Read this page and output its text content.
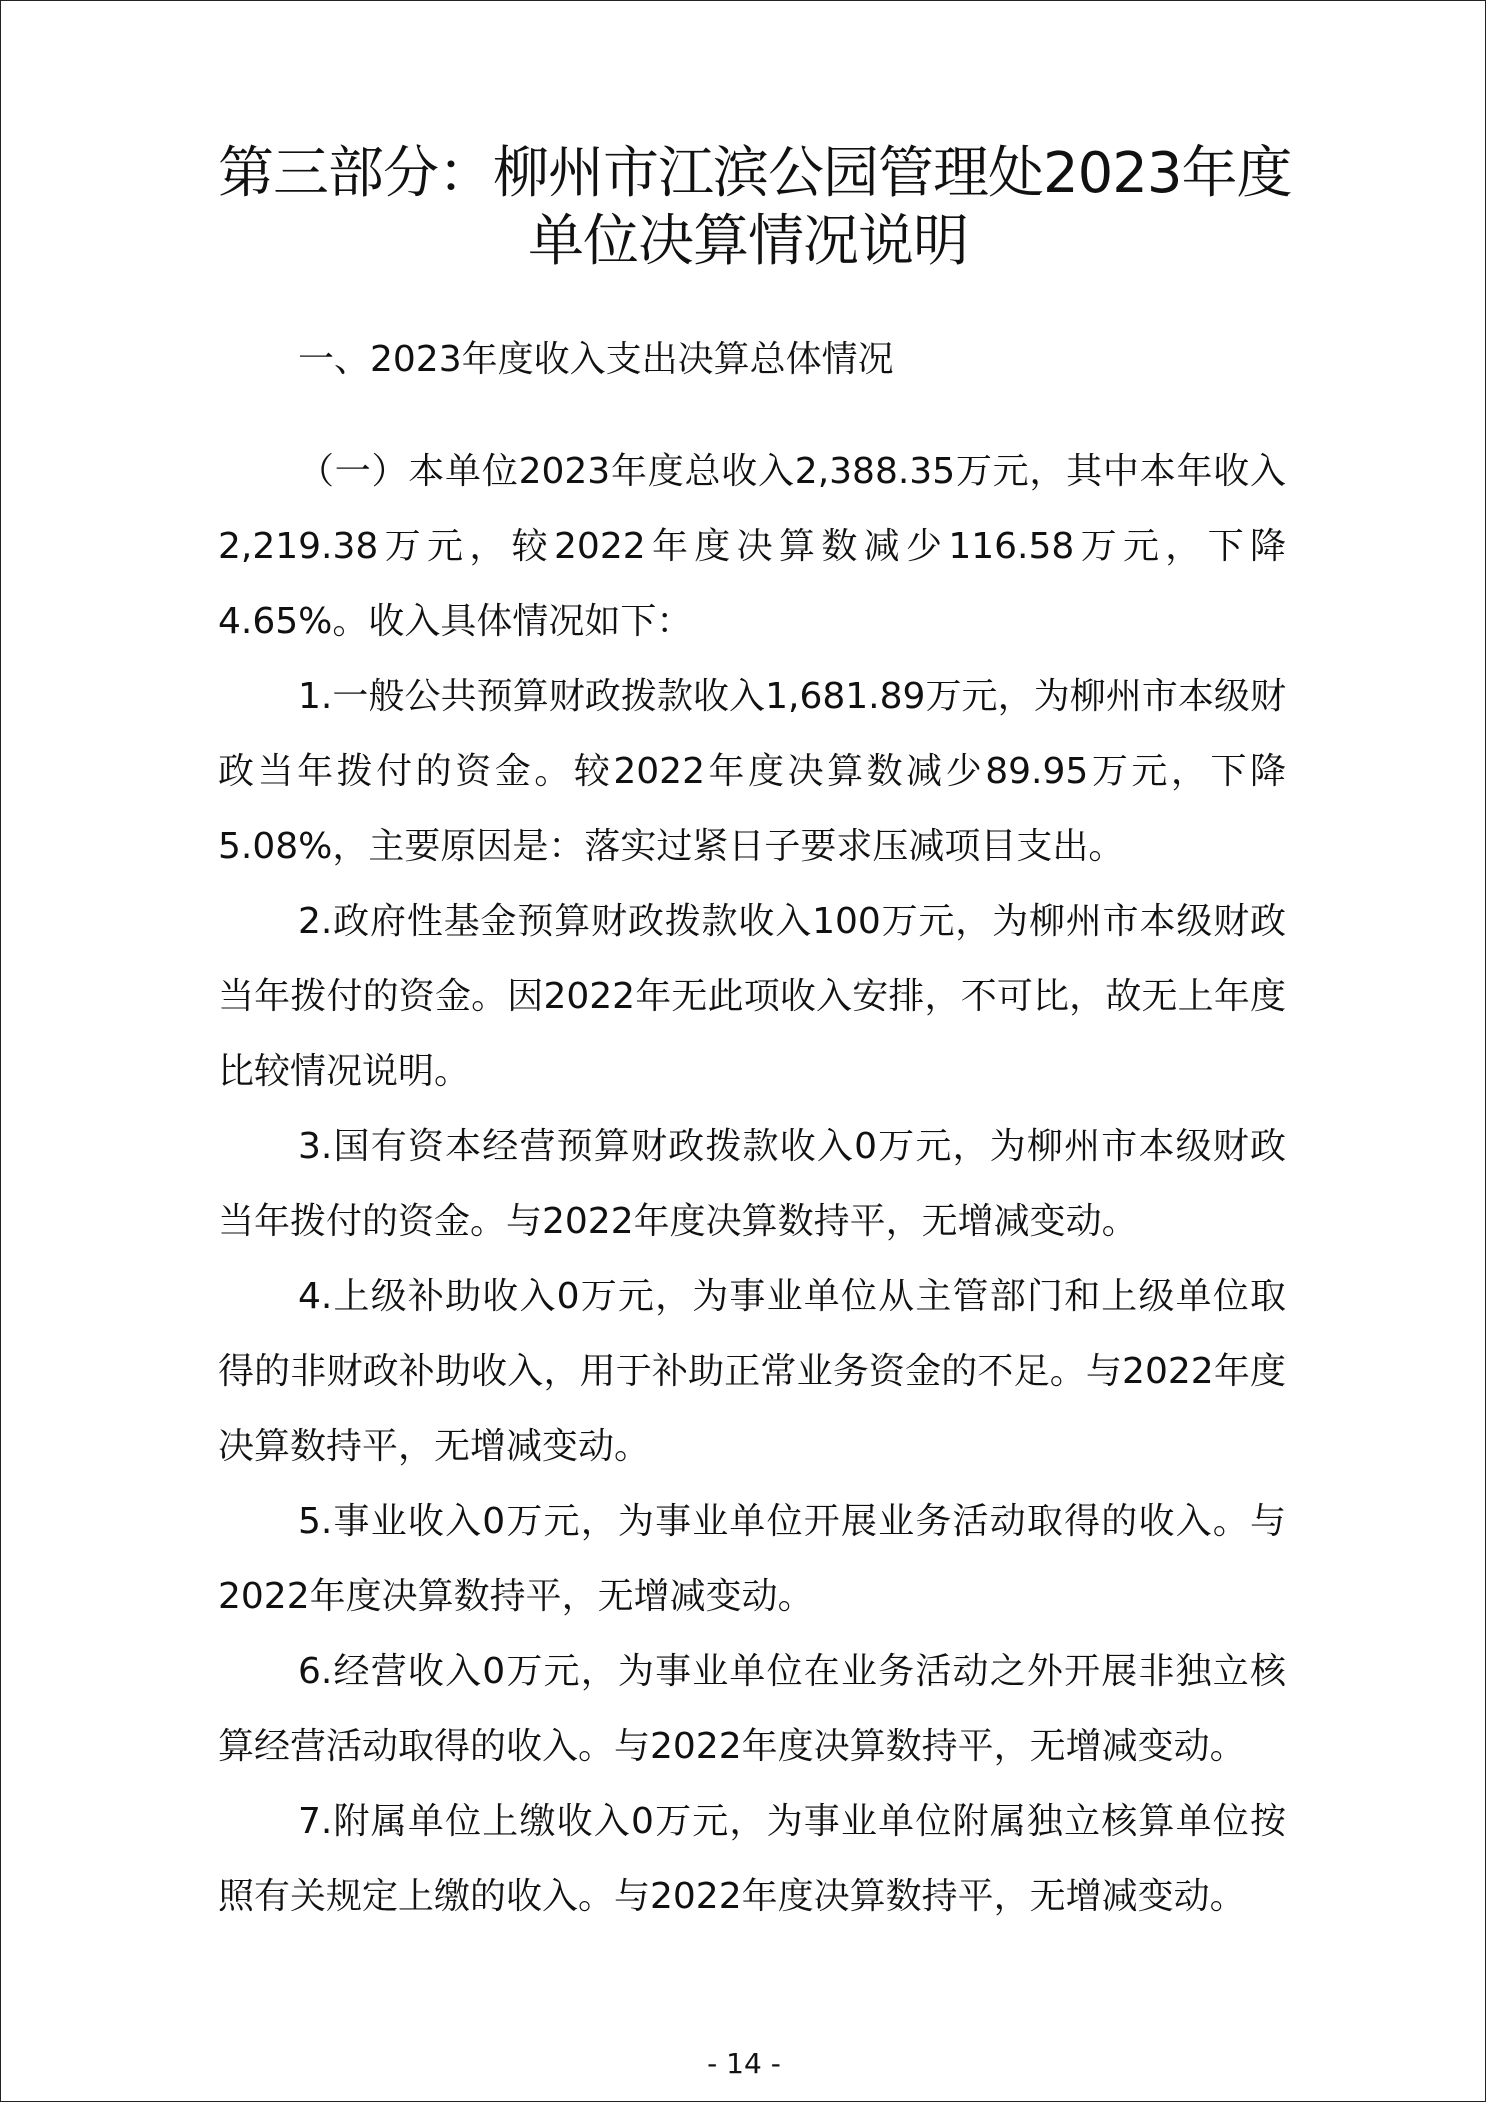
第三部分：柳州市江滨公园管理处2023年度
单位决算情况说明
一、2023年度收入支出决算总体情况

（一）本单位2023年度总收入2,388.35万元，其中本年收入2,219.38万元，较2022年度决算数减少116.58万元，下降4.65%。收入具体情况如下：

1.一般公共预算财政拨款收入1,681.89万元，为柳州市本级财政当年拨付的资金。较2022年度决算数减少89.95万元，下降5.08%，主要原因是：落实过紧日子要求压减项目支出。

2.政府性基金预算财政拨款收入100万元，为柳州市本级财政当年拨付的资金。因2022年无此项收入安排，不可比，故无上年度比较情况说明。

3.国有资本经营预算财政拨款收入0万元，为柳州市本级财政当年拨付的资金。与2022年度决算数持平，无增减变动。

4.上级补助收入0万元，为事业单位从主管部门和上级单位取得的非财政补助收入，用于补助正常业务资金的不足。与2022年度决算数持平，无增减变动。

5.事业收入0万元，为事业单位开展业务活动取得的收入。与2022年度决算数持平，无增减变动。

6.经营收入0万元，为事业单位在业务活动之外开展非独立核算经营活动取得的收入。与2022年度决算数持平，无增减变动。

7.附属单位上缴收入0万元，为事业单位附属独立核算单位按照有关规定上缴的收入。与2022年度决算数持平，无增减变动。

- 14 -
